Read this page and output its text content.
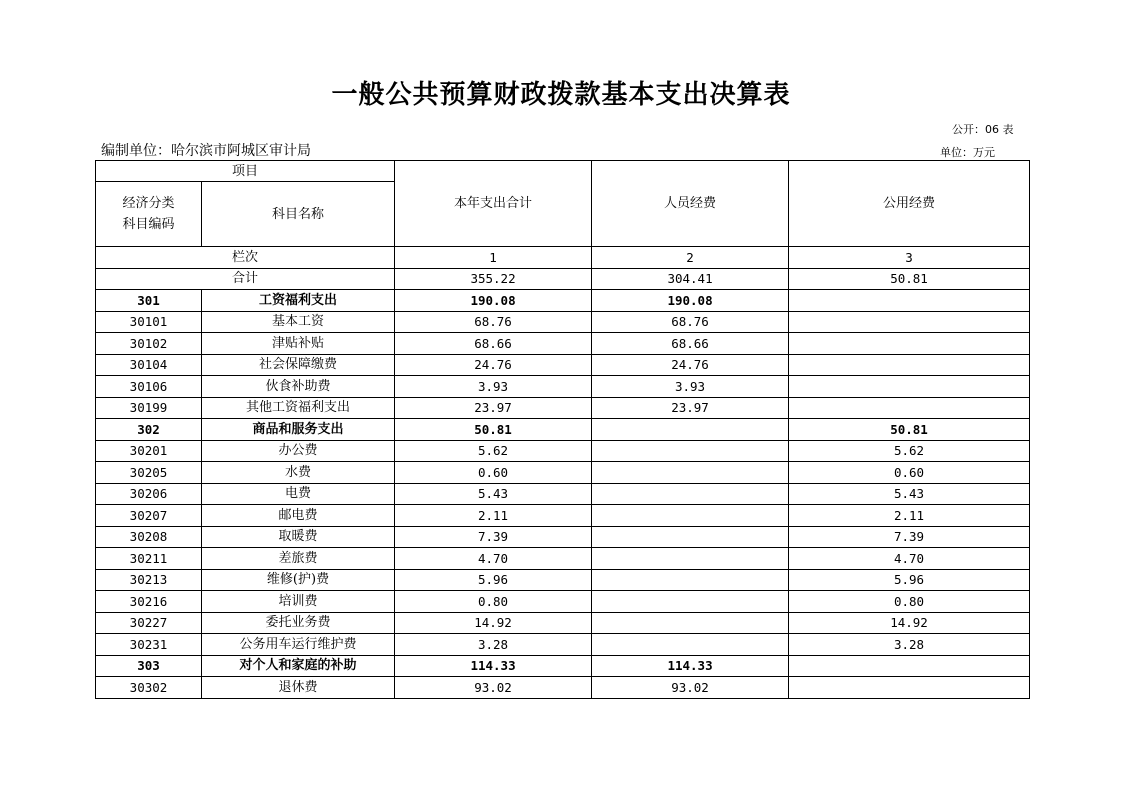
一般公共预算财政拨款基本支出决算表
公开：06 表
编制单位：哈尔滨市阿城区审计局	单位：万元
项目		本年支出合计	人员经费	公用经费

经济分类
科目编码	科目名称			
栏次		1	2	3
合计		355.22	304.41	50.81
301	工资福利支出	190.08	190.08	
30101	基本工资	68.76	68.76	
30102	津贴补贴	68.66	68.66	
30104	社会保障缴费	24.76	24.76	
30106	伙食补助费	3.93	3.93	
30199	其他工资福利支出	23.97	23.97	
302	商品和服务支出	50.81		50.81
30201	办公费	5.62		5.62
30205	水费	0.60		0.60
30206	电费	5.43		5.43
30207	邮电费	2.11		2.11
30208	取暖费	7.39		7.39
30211	差旅费	4.70		4.70
30213	维修(护)费	5.96		5.96
30216	培训费	0.80		0.80
30227	委托业务费	14.92		14.92
30231	公务用车运行维护费	3.28		3.28
303	对个人和家庭的补助	114.33	114.33	
30302	退休费	93.02	93.02	
